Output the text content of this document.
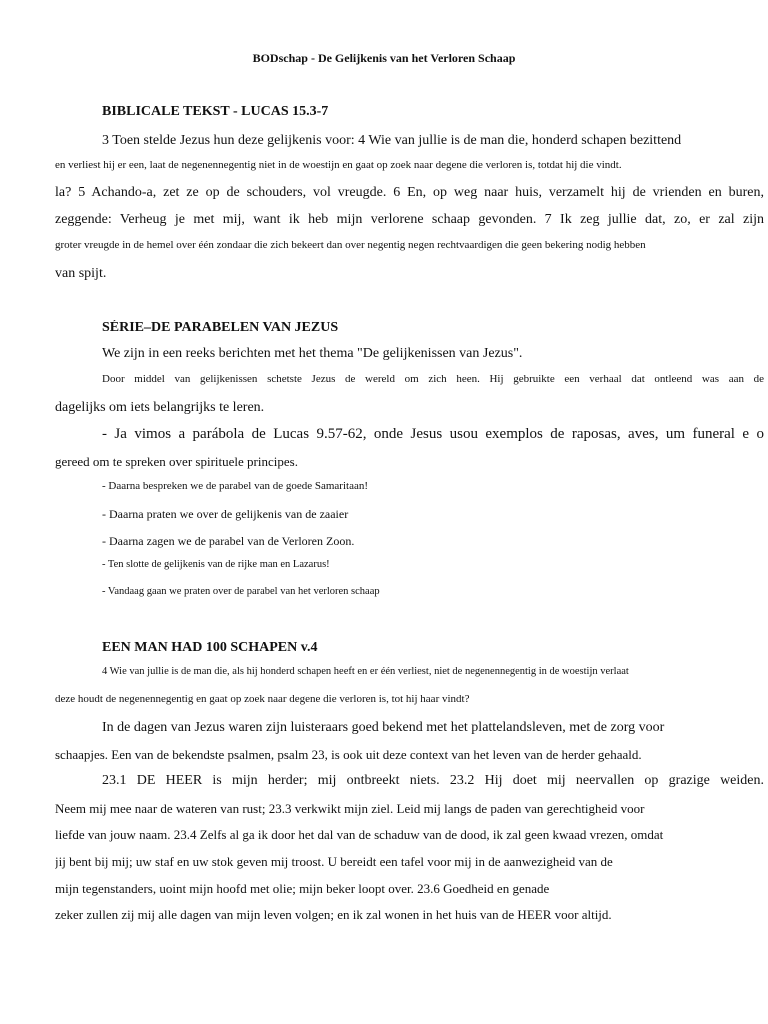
BODschap - De Gelijkenis van het Verloren Schaap
BIBLICALE TEKST - LUCAS 15.3-7
3 Toen stelde Jezus hun deze gelijkenis voor: 4 Wie van jullie is de man die, honderd schapen bezittend
en verliest hij er een, laat de negenennegentig niet in de woestijn en gaat op zoek naar degene die verloren is, totdat hij die vindt.
la? 5 Achando-a, zet ze op de schouders, vol vreugde. 6 En, op weg naar huis, verzamelt hij de vrienden en buren,
zeggende: Verheug je met mij, want ik heb mijn verlorene schaap gevonden. 7 Ik zeg jullie dat, zo, er zal zijn
groter vreugde in de hemel over één zondaar die zich bekeert dan over negentig negen rechtvaardigen die geen bekering nodig hebben
van spijt.
SÉRIE–DE PARABELEN VAN JEZUS
We zijn in een reeks berichten met het thema "De gelijkenissen van Jezus".
Door middel van gelijkenissen schetste Jezus de wereld om zich heen. Hij gebruikte een verhaal dat ontleend was aan de
dagelijks om iets belangrijks te leren.
- Ja vimos a parábola de Lucas 9.57-62, onde Jesus usou exemplos de raposas, aves, um funeral e o
gereed om te spreken over spirituele principes.
- Daarna bespreken we de parabel van de goede Samaritaan!
- Daarna praten we over de gelijkenis van de zaaier
- Daarna zagen we de parabel van de Verloren Zoon.
- Ten slotte de gelijkenis van de rijke man en Lazarus!
- Vandaag gaan we praten over de parabel van het verloren schaap
EEN MAN HAD 100 SCHAPEN v.4
4 Wie van jullie is de man die, als hij honderd schapen heeft en er één verliest, niet de negenennegentig in de woestijn verlaat
deze houdt de negenennegentig en gaat op zoek naar degene die verloren is, tot hij haar vindt?
In de dagen van Jezus waren zijn luisteraars goed bekend met het plattelandsleven, met de zorg voor
schaapjes. Een van de bekendste psalmen, psalm 23, is ook uit deze context van het leven van de herder gehaald.
23.1 DE HEER is mijn herder; mij ontbreekt niets. 23.2 Hij doet mij neervallen op grazige weiden.
Neem mij mee naar de wateren van rust; 23.3 verkwikt mijn ziel. Leid mij langs de paden van gerechtigheid voor
liefde van jouw naam. 23.4 Zelfs al ga ik door het dal van de schaduw van de dood, ik zal geen kwaad vrezen, omdat
jij bent bij mij; uw staf en uw stok geven mij troost. U bereidt een tafel voor mij in de aanwezigheid van de
mijn tegenstanders, uoint mijn hoofd met olie; mijn beker loopt over. 23.6 Goedheid en genade
zeker zullen zij mij alle dagen van mijn leven volgen; en ik zal wonen in het huis van de HEER voor altijd.
